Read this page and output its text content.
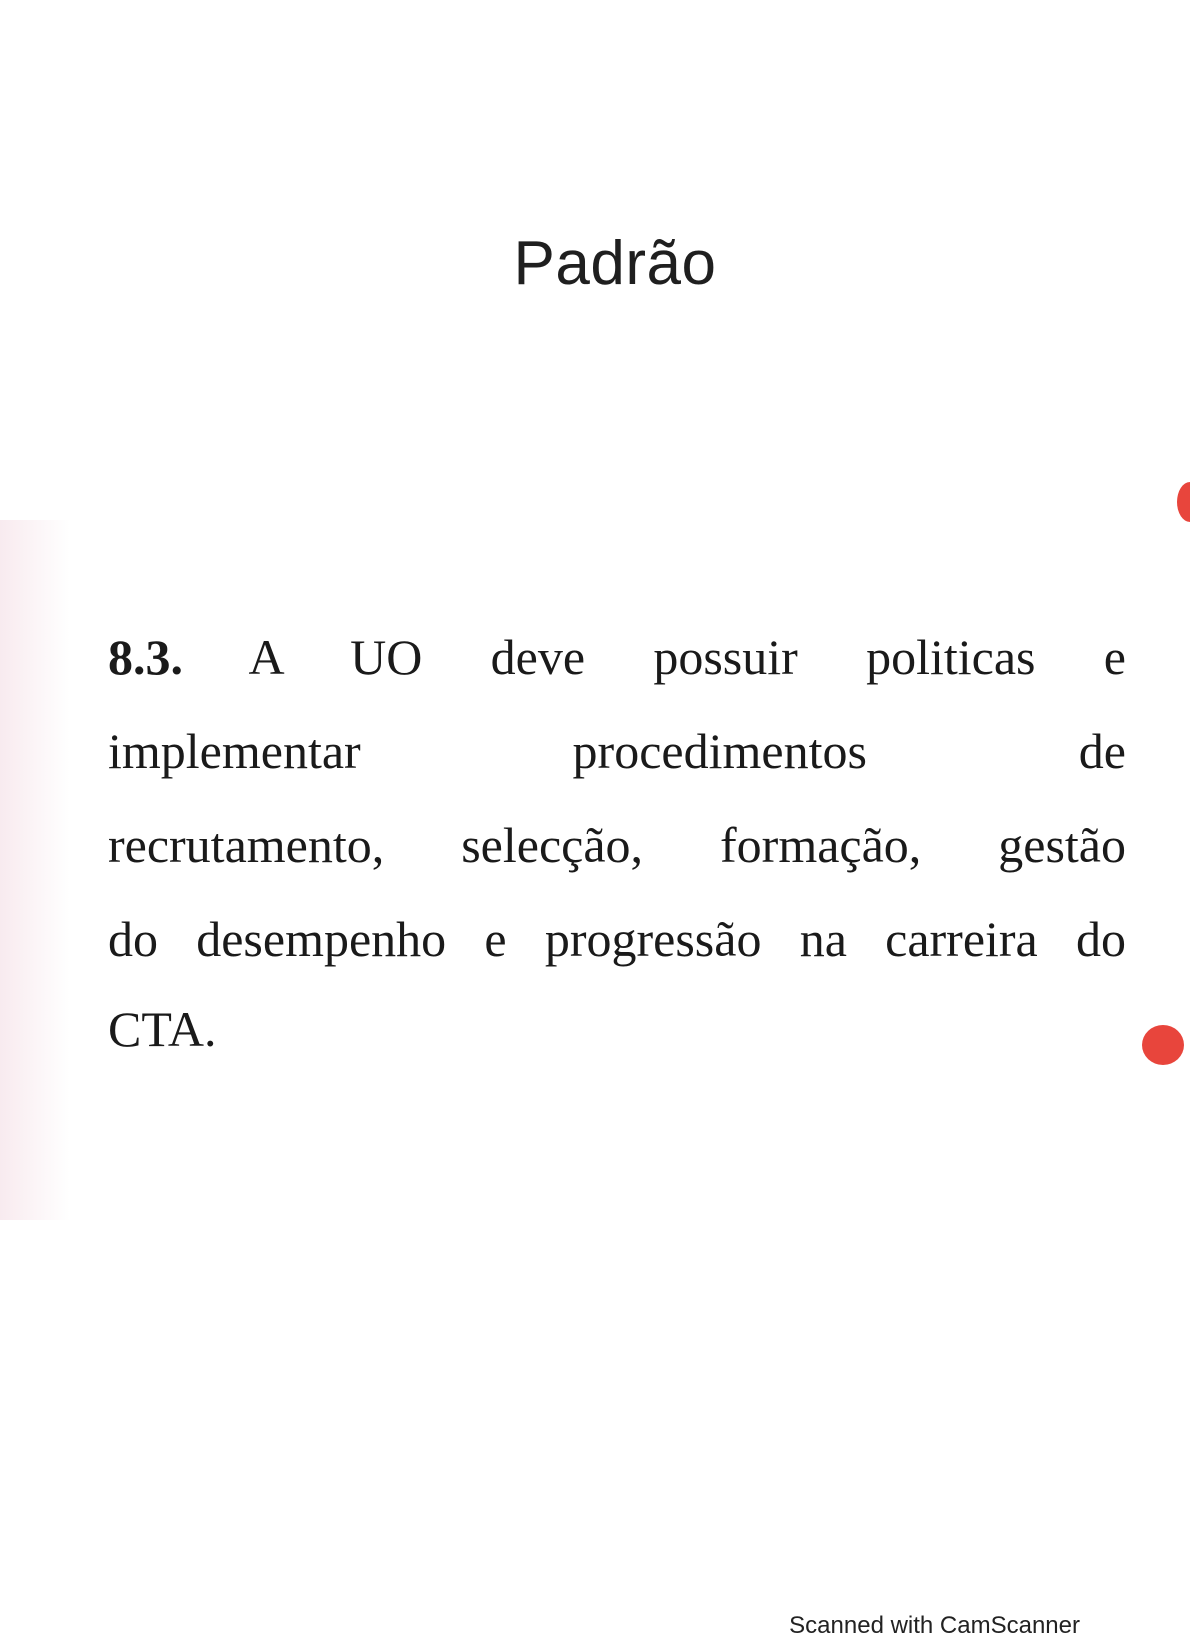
Padrão
8.3. A UO deve possuir politicas e
implementar procedimentos de
recrutamento, selecção, formação, gestão
do desempenho e progressão na carreira do
CTA.
Scanned with CamScanner
